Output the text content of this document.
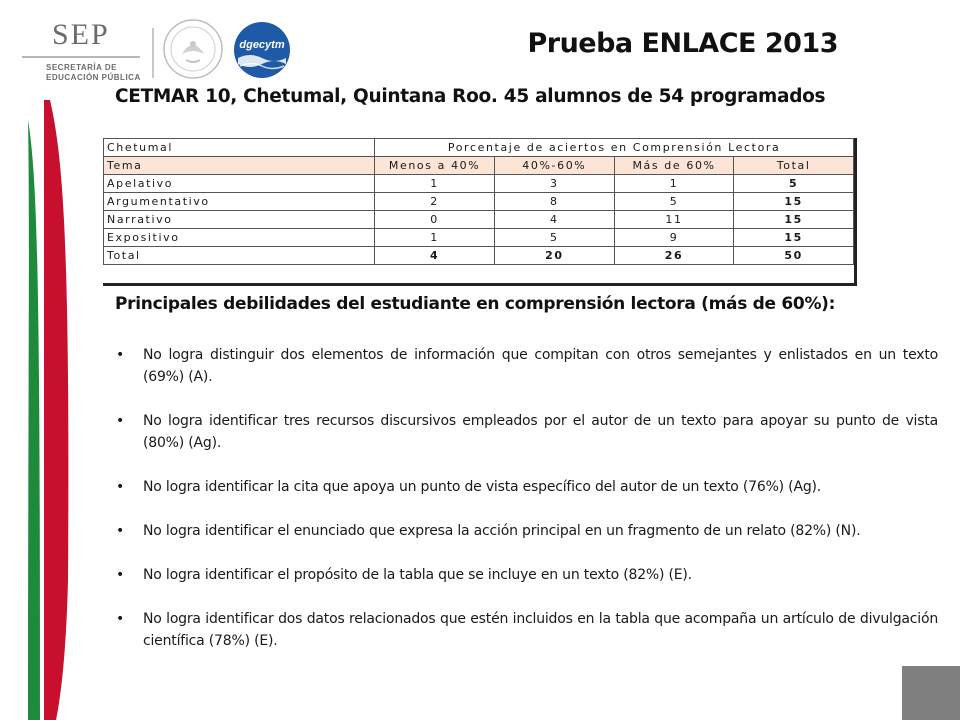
SEP
SECRETARÍA DE
EDUCACIÓN PÚBLICA
dgecytm	Prueba ENLACE 2013
CETMAR 10, Chetumal, Quintana Roo. 45 alumnos de 54 programados
Chetumal	Porcentaje de aciertos en Comprensión Lectora			
Tema	Menos a 40%	40%-60%	Más de 60%	Total
Apelativo	1	3	1	5
Argumentativo	2	8	5	15
Narrativo	0	4	11	15
Expositivo	1	5	9	15
Total	4	20	26	50
Principales debilidades del estudiante en comprensión lectora (más de 60%):
• No logra distinguir dos elementos de información que compitan con otros semejantes y enlistados en un texto (69%) (A).
• No logra identificar tres recursos discursivos empleados por el autor de un texto para apoyar su punto de vista (80%) (Ag).
• No logra identificar la cita que apoya un punto de vista específico del autor de un texto (76%) (Ag).
• No logra identificar el enunciado que expresa la acción principal en un fragmento de un relato (82%) (N).
• No logra identificar el propósito de la tabla que se incluye en un texto (82%) (E).
• No logra identificar dos datos relacionados que estén incluidos en la tabla que acompaña un artículo de divulgación científica (78%) (E).
